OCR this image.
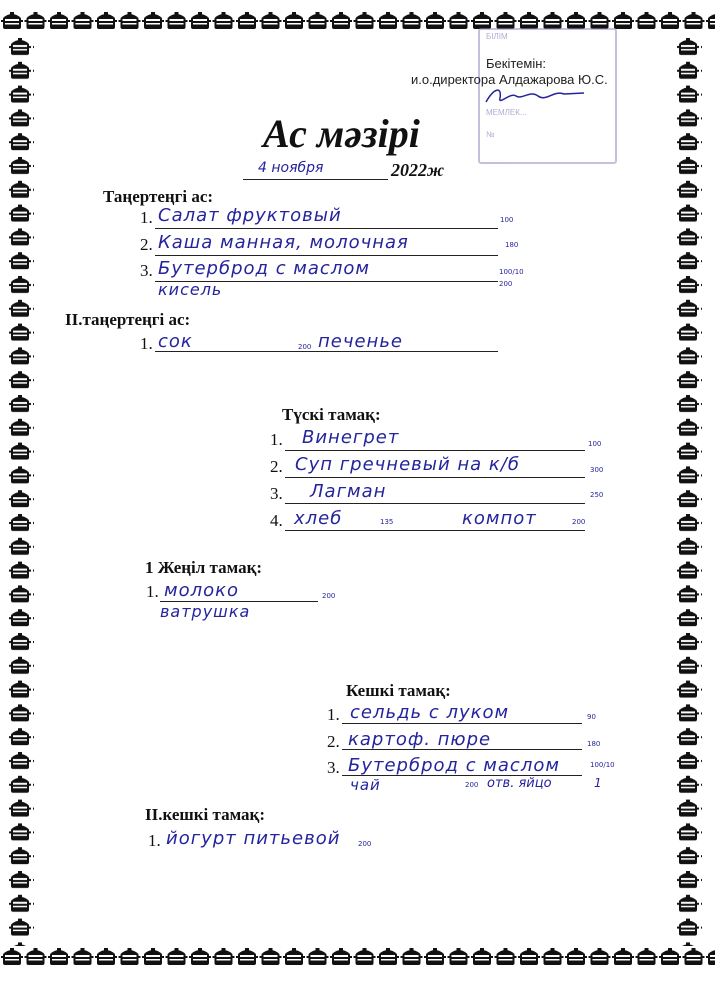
БІЛІМ
МЕМЛЕК...
№
Бекітемін:
и.о.директора Алдажарова Ю.С.
Ас мәзірі
4 ноября	2022ж
Таңертеңгі ас:
1. Салат фруктовый	100
2. Каша манная, молочная	180
3. Бутерброд с маслом	100/10
кисель	200
II.таңертеңгі ас:
1. сок	200 печенье
Түскі тамақ:
1. Винегрет	100
2. Суп гречневый на к/б	300
3. Лагман	250
4. хлеб	135	компот	200
1 Жеңіл тамақ:
1. молоко	200
ватрушка
Кешкі тамақ:
1. сельдь с луком	90
2. картоф. пюре	180
3. Бутерброд с маслом	100/10
чай	200 отв. яйцо	1
II.кешкі тамақ:
1. йогурт питьевой	200
